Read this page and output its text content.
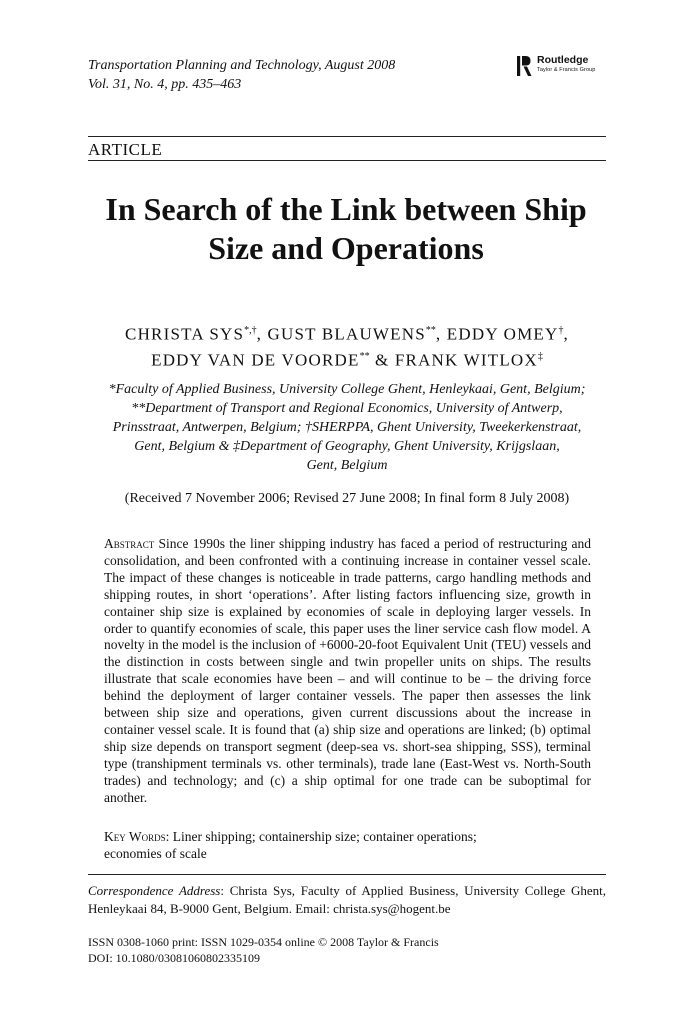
Transportation Planning and Technology, August 2008
Vol. 31, No. 4, pp. 435–463
Routledge
Taylor & Francis Group
ARTICLE
In Search of the Link between Ship
Size and Operations
CHRISTA SYS*,†, GUST BLAUWENS**, EDDY OMEY†,
EDDY VAN DE VOORDE** & FRANK WITLOX‡
*Faculty of Applied Business, University College Ghent, Henleykaai, Gent, Belgium;
**Department of Transport and Regional Economics, University of Antwerp,
Prinsstraat, Antwerpen, Belgium; †SHERPPA, Ghent University, Tweekerkenstraat,
Gent, Belgium & ‡Department of Geography, Ghent University, Krijgslaan,
Gent, Belgium
(Received 7 November 2006; Revised 27 June 2008; In final form 8 July 2008)

Abstract Since 1990s the liner shipping industry has faced a period of restructuring and consolidation, and been confronted with a continuing increase in container vessel scale. The impact of these changes is noticeable in trade patterns, cargo handling methods and shipping routes, in short ‘operations’. After listing factors influencing size, growth in container ship size is explained by economies of scale in deploying larger vessels. In order to quantify economies of scale, this paper uses the liner service cash flow model. A novelty in the model is the inclusion of +6000-20-foot Equivalent Unit (TEU) vessels and the distinction in costs between single and twin propeller units on ships. The results illustrate that scale economies have been – and will continue to be – the driving force behind the deployment of larger container vessels. The paper then assesses the link between ship size and operations, given current discussions about the increase in container vessel scale. It is found that (a) ship size and operations are linked; (b) optimal ship size depends on transport segment (deep-sea vs. short-sea shipping, SSS), terminal type (transhipment terminals vs. other terminals), trade lane (East-West vs. North-South trades) and technology; and (c) a ship optimal for one trade can be suboptimal for another.

Key Words: Liner shipping; containership size; container operations;
economies of scale

Correspondence Address: Christa Sys, Faculty of Applied Business, University College Ghent, Henleykaai 84, B-9000 Gent, Belgium. Email: christa.sys@hogent.be

ISSN 0308-1060 print: ISSN 1029-0354 online © 2008 Taylor & Francis
DOI: 10.1080/03081060802335109
